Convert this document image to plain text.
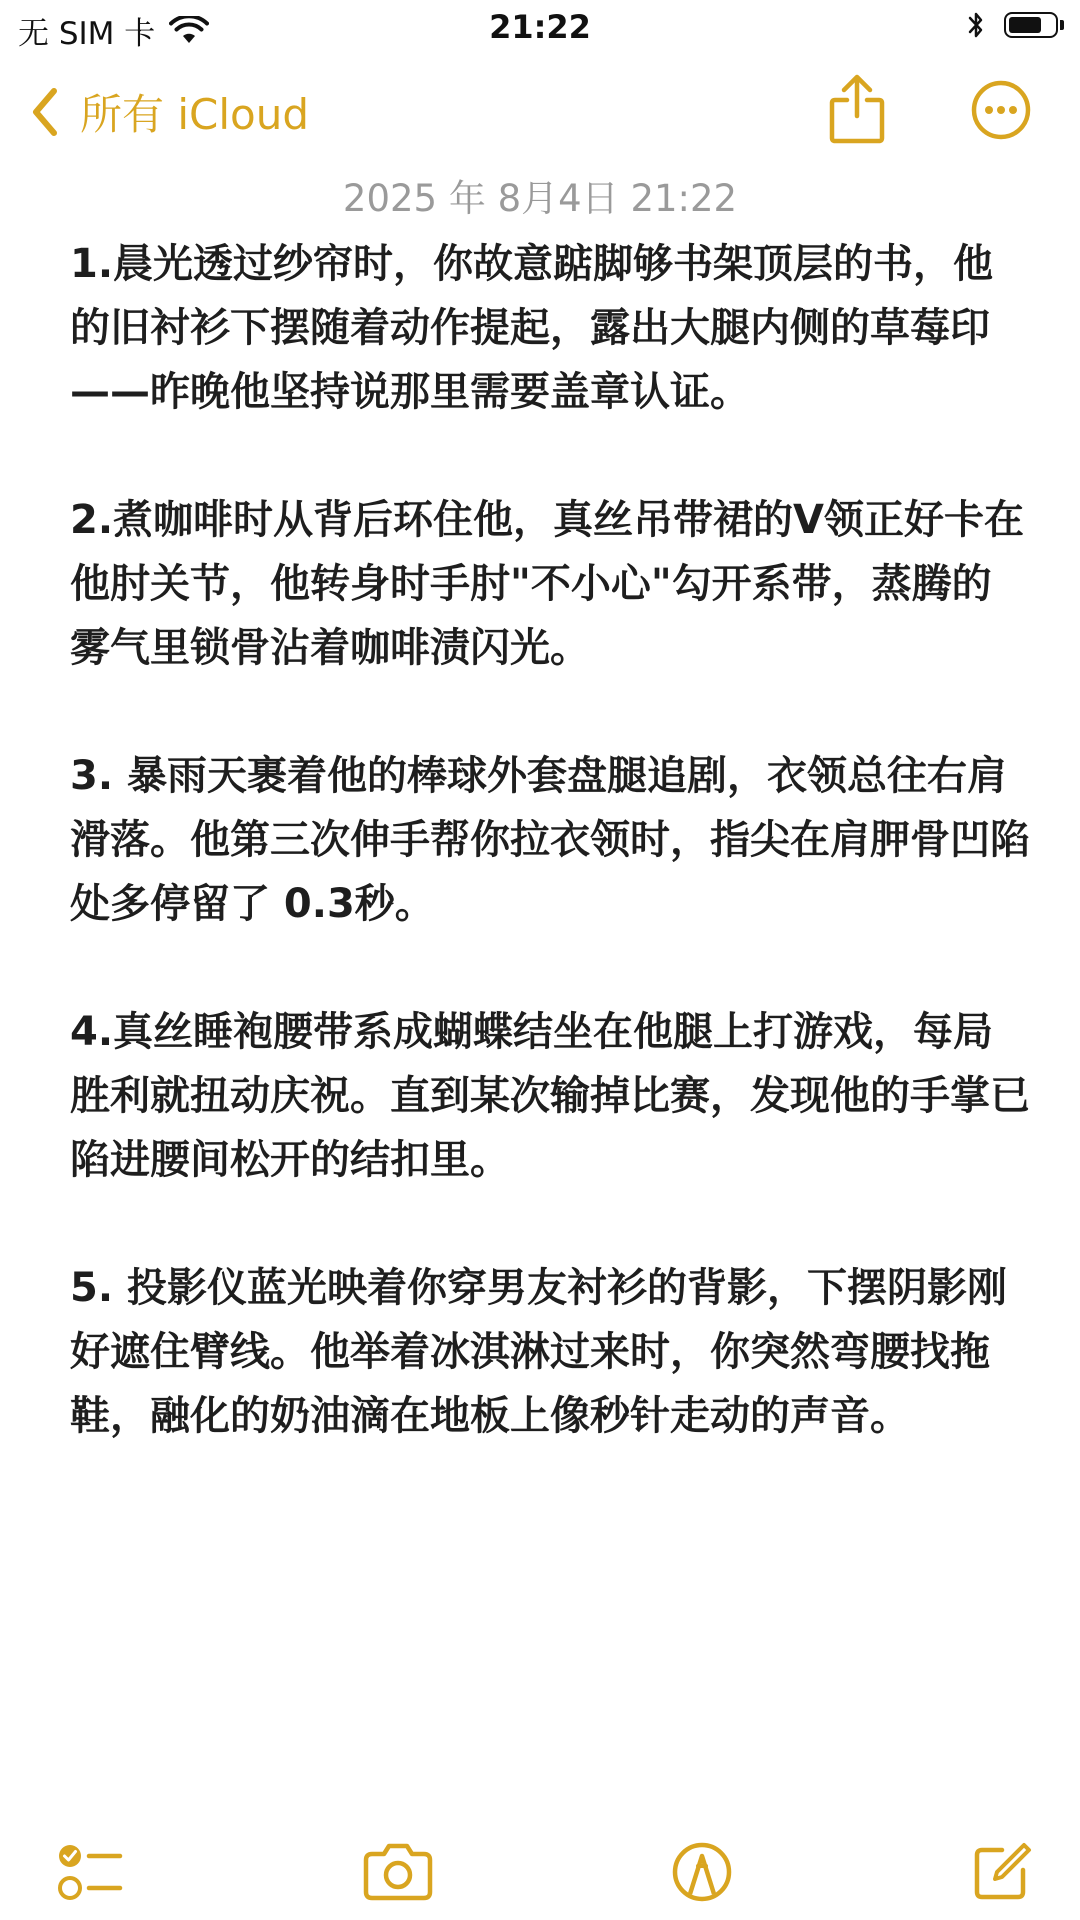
无 SIM 卡	21:22
所有 iCloud
2025 年 8月4日 21:22

1.晨光透过纱帘时，你故意踮脚够书架顶层的书，他的旧衬衫下摆随着动作提起，露出大腿内侧的草莓印——昨晚他坚持说那里需要盖章认证。

2.煮咖啡时从背后环住他，真丝吊带裙的V领正好卡在他肘关节，他转身时手肘"不小心"勾开系带，蒸腾的雾气里锁骨沾着咖啡渍闪光。

3. 暴雨天裹着他的棒球外套盘腿追剧，衣领总往右肩滑落。他第三次伸手帮你拉衣领时，指尖在肩胛骨凹陷处多停留了 0.3秒。

4.真丝睡袍腰带系成蝴蝶结坐在他腿上打游戏，每局胜利就扭动庆祝。直到某次输掉比赛，发现他的手掌已陷进腰间松开的结扣里。

5. 投影仪蓝光映着你穿男友衬衫的背影，下摆阴影刚好遮住臂线。他举着冰淇淋过来时，你突然弯腰找拖鞋，融化的奶油滴在地板上像秒针走动的声音。
